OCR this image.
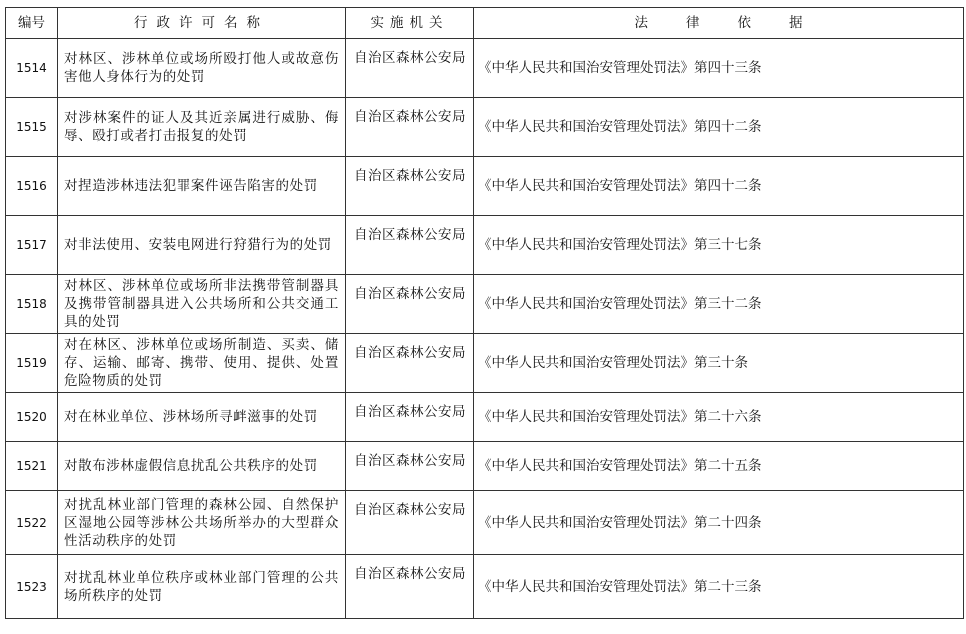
编号	行政许可名称	实施机关	法 律 依 据
1514	对林区、涉林单位或场所殴打他人或故意伤害他人身体行为的处罚	自治区森林公安局	《中华人民共和国治安管理处罚法》第四十三条
1515	对涉林案件的证人及其近亲属进行威胁、侮辱、殴打或者打击报复的处罚	自治区森林公安局	《中华人民共和国治安管理处罚法》第四十二条
1516	对捏造涉林违法犯罪案件诬告陷害的处罚	自治区森林公安局	《中华人民共和国治安管理处罚法》第四十二条
1517	对非法使用、安装电网进行狩猎行为的处罚	自治区森林公安局	《中华人民共和国治安管理处罚法》第三十七条
1518	对林区、涉林单位或场所非法携带管制器具及携带管制器具进入公共场所和公共交通工具的处罚	自治区森林公安局	《中华人民共和国治安管理处罚法》第三十二条
1519	对在林区、涉林单位或场所制造、买卖、储存、运输、邮寄、携带、使用、提供、处置危险物质的处罚	自治区森林公安局	《中华人民共和国治安管理处罚法》第三十条
1520	对在林业单位、涉林场所寻衅滋事的处罚	自治区森林公安局	《中华人民共和国治安管理处罚法》第二十六条
1521	对散布涉林虚假信息扰乱公共秩序的处罚	自治区森林公安局	《中华人民共和国治安管理处罚法》第二十五条
1522	对扰乱林业部门管理的森林公园、自然保护区湿地公园等涉林公共场所举办的大型群众性活动秩序的处罚	自治区森林公安局	《中华人民共和国治安管理处罚法》第二十四条
1523	对扰乱林业单位秩序或林业部门管理的公共场所秩序的处罚	自治区森林公安局	《中华人民共和国治安管理处罚法》第二十三条
